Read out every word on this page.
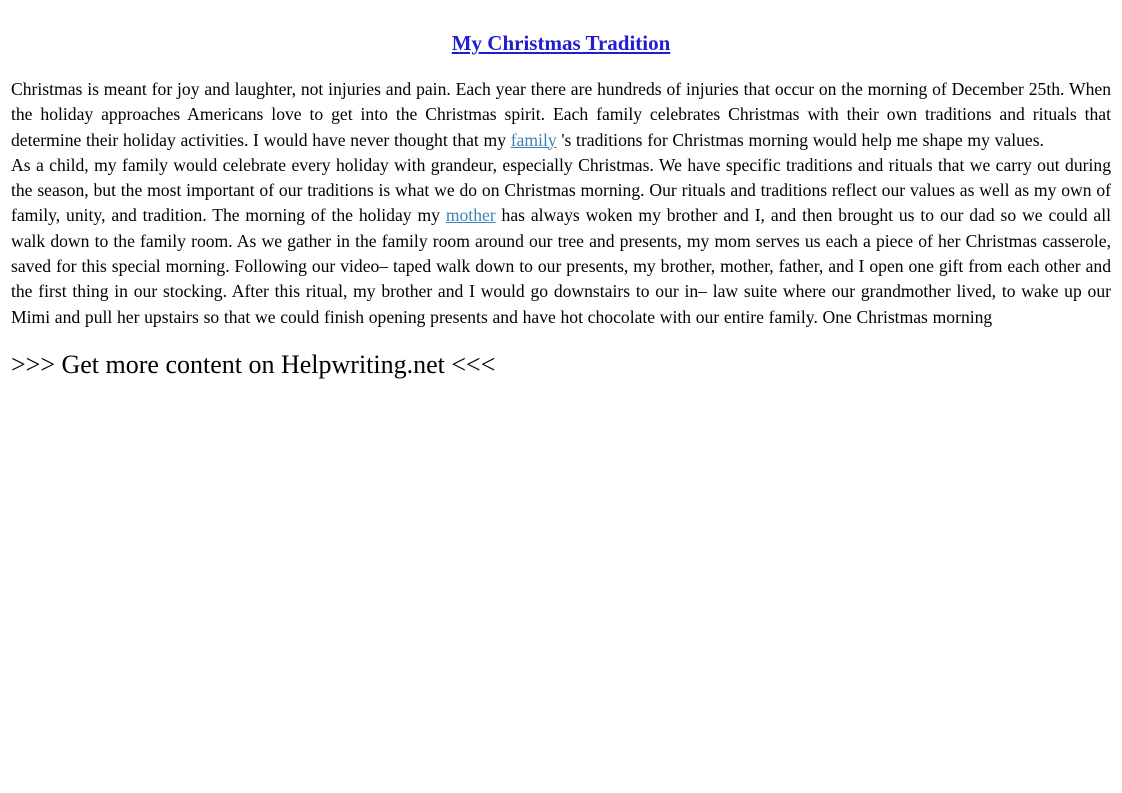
My Christmas Tradition

Christmas is meant for joy and laughter, not injuries and pain. Each year there are hundreds of injuries that occur on the morning of December 25th. When the holiday approaches Americans love to get into the Christmas spirit. Each family celebrates Christmas with their own traditions and rituals that determine their holiday activities. I would have never thought that my family 's traditions for Christmas morning would help me shape my values.

As a child, my family would celebrate every holiday with grandeur, especially Christmas. We have specific traditions and rituals that we carry out during the season, but the most important of our traditions is what we do on Christmas morning. Our rituals and traditions reflect our values as well as my own of family, unity, and tradition. The morning of the holiday my mother has always woken my brother and I, and then brought us to our dad so we could all walk down to the family room. As we gather in the family room around our tree and presents, my mom serves us each a piece of her Christmas casserole, saved for this special morning. Following our video– taped walk down to our presents, my brother, mother, father, and I open one gift from each other and the first thing in our stocking. After this ritual, my brother and I would go downstairs to our in– law suite where our grandmother lived, to wake up our Mimi and pull her upstairs so that we could finish opening presents and have hot chocolate with our entire family. One Christmas morning

>>> Get more content on Helpwriting.net <<<
